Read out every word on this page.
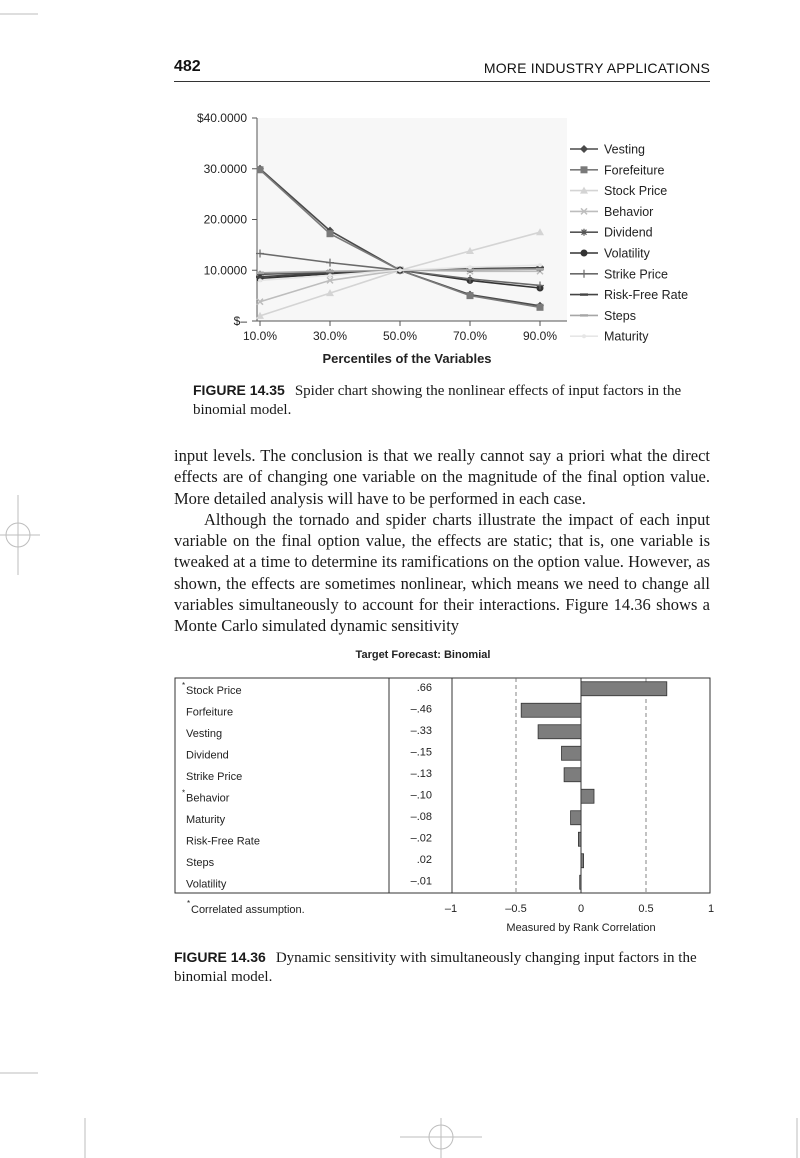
482	MORE INDUSTRY APPLICATIONS
$40.0000
30.0000
20.0000
10.0000
$–
10.0%	30.0%	50.0%	70.0%	90.0%
Vesting
Forefeiture
Stock Price
Behavior
Dividend
Volatility
Strike Price
Risk-Free Rate
Steps
Maturity
Percentiles of the Variables
FIGURE 14.35 Spider chart showing the nonlinear effects of input factors in the binomial model.

input levels. The conclusion is that we really cannot say a priori what the direct effects are of changing one variable on the magnitude of the final option value. More detailed analysis will have to be performed in each case.

Although the tornado and spider charts illustrate the impact of each input variable on the final option value, the effects are static; that is, one variable is tweaked at a time to determine its ramifications on the option value. However, as shown, the effects are sometimes nonlinear, which means we need to change all variables simultaneously to account for their interactions. Figure 14.36 shows a Monte Carlo simulated dynamic sensitivity

Target Forecast: Binomial
* Stock Price	.66
Forfeiture	–.46
Vesting	–.33
Dividend	–.15
Strike Price	–.13
* Behavior	–.10
Maturity	–.08
Risk-Free Rate	–.02
Steps	.02
Volatility	–.01
–1	–0.5	0	0.5	1
*
Correlated assumption.
Measured by Rank Correlation
FIGURE 14.36 Dynamic sensitivity with simultaneously changing input factors in the binomial model.
